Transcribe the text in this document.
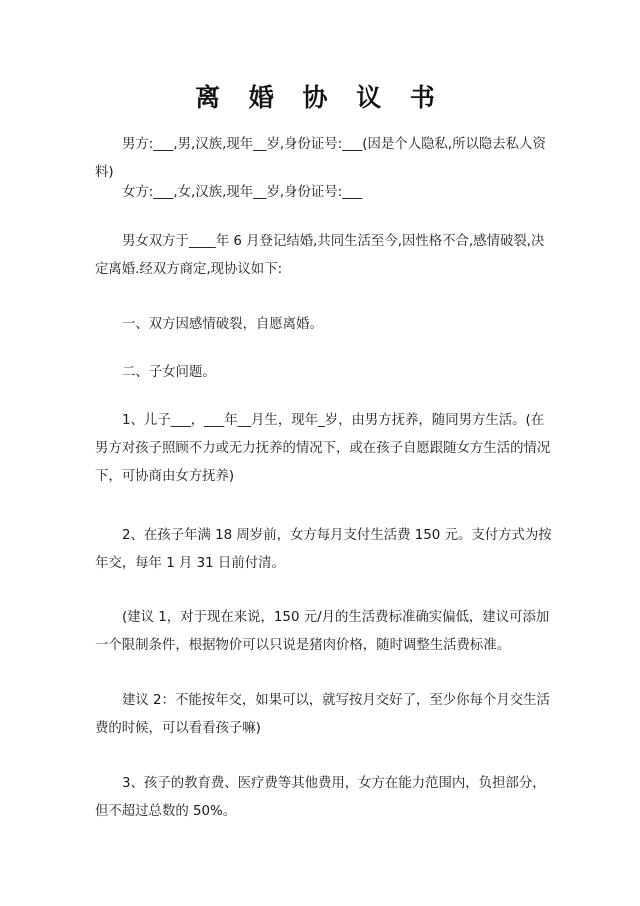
离 婚 协 议 书

男方:___,男,汉族,现年__岁,身份证号:___(因是个人隐私,所以隐去私人资料)

女方:___,女,汉族,现年__岁,身份证号:___

男女双方于____年 6 月登记结婚,共同生活至今,因性格不合,感情破裂,决定离婚.经双方商定,现协议如下:

一、双方因感情破裂，自愿离婚。

二、子女问题。

1、儿子___，___年__月生，现年_岁，由男方抚养，随同男方生活。(在男方对孩子照顾不力或无力抚养的情况下，或在孩子自愿跟随女方生活的情况下，可协商由女方抚养)

2、在孩子年满 18 周岁前，女方每月支付生活费 150 元。支付方式为按年交，每年 1 月 31 日前付清。

(建议 1，对于现在来说，150 元/月的生活费标准确实偏低，建议可添加一个限制条件，根据物价可以只说是猪肉价格，随时调整生活费标准。

建议 2：不能按年交，如果可以，就写按月交好了，至少你每个月交生活费的时候，可以看看孩子嘛)

3、孩子的教育费、医疗费等其他费用，女方在能力范围内，负担部分，但不超过总数的 50%。
